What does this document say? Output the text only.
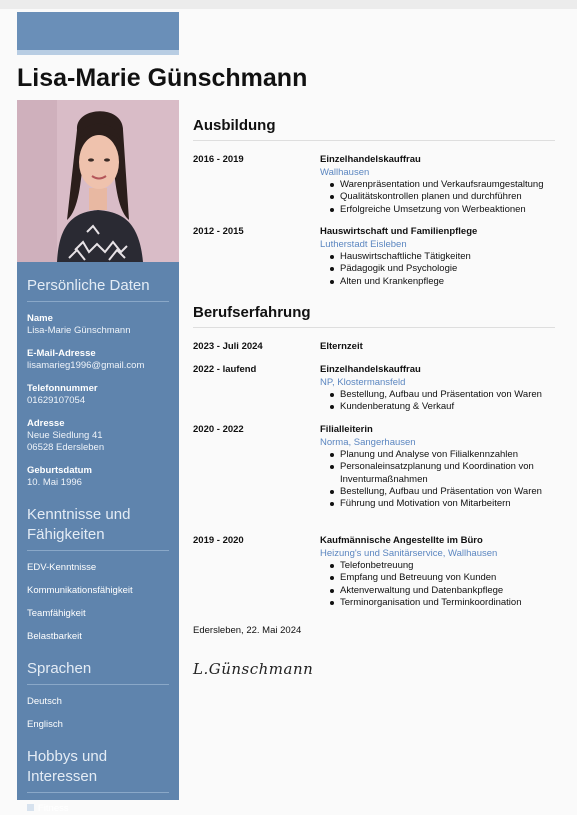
Lisa-Marie Günschmann
Persönliche Daten
Name
Lisa-Marie Günschmann
E-Mail-Adresse
lisamarieg1996@gmail.com
Telefonnummer
01629107054
Adresse
Neue Siedlung 41
06528 Edersleben
Geburtsdatum
10. Mai 1996
Kenntnisse und
Fähigkeiten
EDV-Kenntnisse
Kommunikationsfähigkeit
Teamfähigkeit
Belastbarkeit
Sprachen
Deutsch
Englisch
Hobbys und
Interessen
Fitness
Ausbildung
2016 - 2019	Einzelhandelskauffrau
Wallhausen
Warenpräsentation und Verkaufsraumgestaltung
Qualitätskontrollen planen und durchführen
Erfolgreiche Umsetzung von Werbeaktionen
2012 - 2015	Hauswirtschaft und Familienpflege
Lutherstadt Eisleben
Hauswirtschaftliche Tätigkeiten
Pädagogik und Psychologie
Alten und Krankenpflege
Berufserfahrung
2023 - Juli 2024	Elternzeit
2022 - laufend	Einzelhandelskauffrau
NP, Klostermansfeld
Bestellung, Aufbau und Präsentation von Waren
Kundenberatung & Verkauf
2020 - 2022	Filialleiterin
Norma, Sangerhausen
Planung und Analyse von Filialkennzahlen
Personaleinsatzplanung und Koordination von Inventurmaßnahmen
Bestellung, Aufbau und Präsentation von Waren
Führung und Motivation von Mitarbeitern
2019 - 2020	Kaufmännische Angestellte im Büro
Heizung's und Sanitärservice, Wallhausen
Telefonbetreuung
Empfang und Betreuung von Kunden
Aktenverwaltung und Datenbankpflege
Terminorganisation und Terminkoordination
Edersleben, 22. Mai 2024
L.Günschmann
